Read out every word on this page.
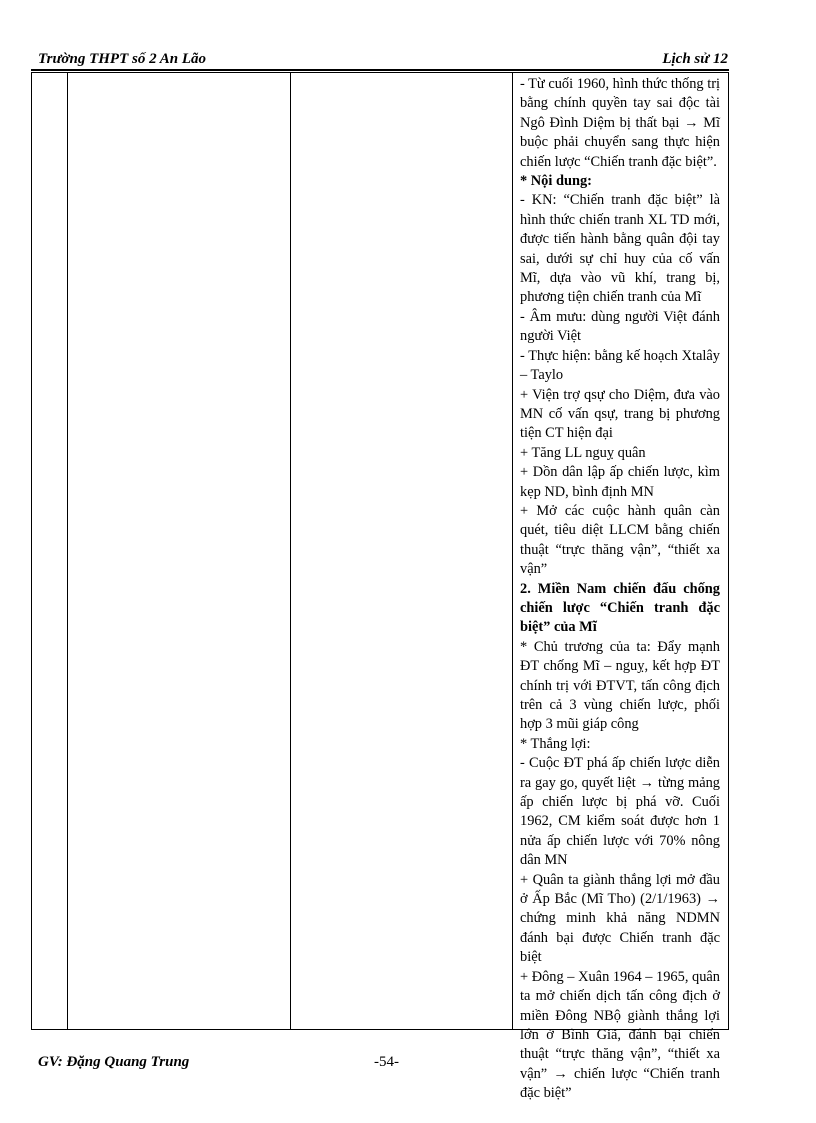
Trường THPT số 2 An Lão	Lịch sử 12

- Từ cuối 1960, hình thức thống trị bằng chính quyền tay sai độc tài Ngô Đình Diệm bị thất bại → Mĩ buộc phải chuyển sang thực hiện chiến lược “Chiến tranh đặc biệt”.

* Nội dung:

- KN: “Chiến tranh đặc biệt” là hình thức chiến tranh XL TD mới, được tiến hành bằng quân đội tay sai, dưới sự chỉ huy của cố vấn Mĩ, dựa vào vũ khí, trang bị, phương tiện chiến tranh của Mĩ

- Âm mưu: dùng người Việt đánh người Việt

- Thực hiện: bằng kế hoạch Xtalây – Taylo

+ Viện trợ qsự cho Diệm, đưa vào MN cố vấn qsự, trang bị phương tiện CT hiện đại

+ Tăng LL nguỵ quân

+ Dồn dân lập ấp chiến lược, kìm kẹp ND, bình định MN

+ Mở các cuộc hành quân càn quét, tiêu diệt LLCM bằng chiến thuật “trực thăng vận”, “thiết xa vận”

2. Miền Nam chiến đấu chống chiến lược “Chiến tranh đặc biệt” của Mĩ

* Chủ trương của ta: Đẩy mạnh ĐT chống Mĩ – nguỵ, kết hợp ĐT chính trị với ĐTVT, tấn công địch trên cả 3 vùng chiến lược, phối hợp 3 mũi giáp công

* Thắng lợi:

- Cuộc ĐT phá ấp chiến lược diễn ra gay go, quyết liệt → từng mảng ấp chiến lược bị phá vỡ. Cuối 1962, CM kiểm soát được hơn 1 nửa ấp chiến lược với 70% nông dân MN

+ Quân ta giành thắng lợi mở đầu ở Ấp Bắc (Mĩ Tho) (2/1/1963) → chứng minh khả năng NDMN đánh bại được Chiến tranh đặc biệt

+ Đông – Xuân 1964 – 1965, quân ta mở chiến dịch tấn công địch ở miền Đông NBộ giành thắng lợi lớn ở Bình Giã, đánh bại chiến thuật “trực thăng vận”, “thiết xa vận” → chiến lược “Chiến tranh đặc biệt”

GV: Đặng Quang Trung	-54-
